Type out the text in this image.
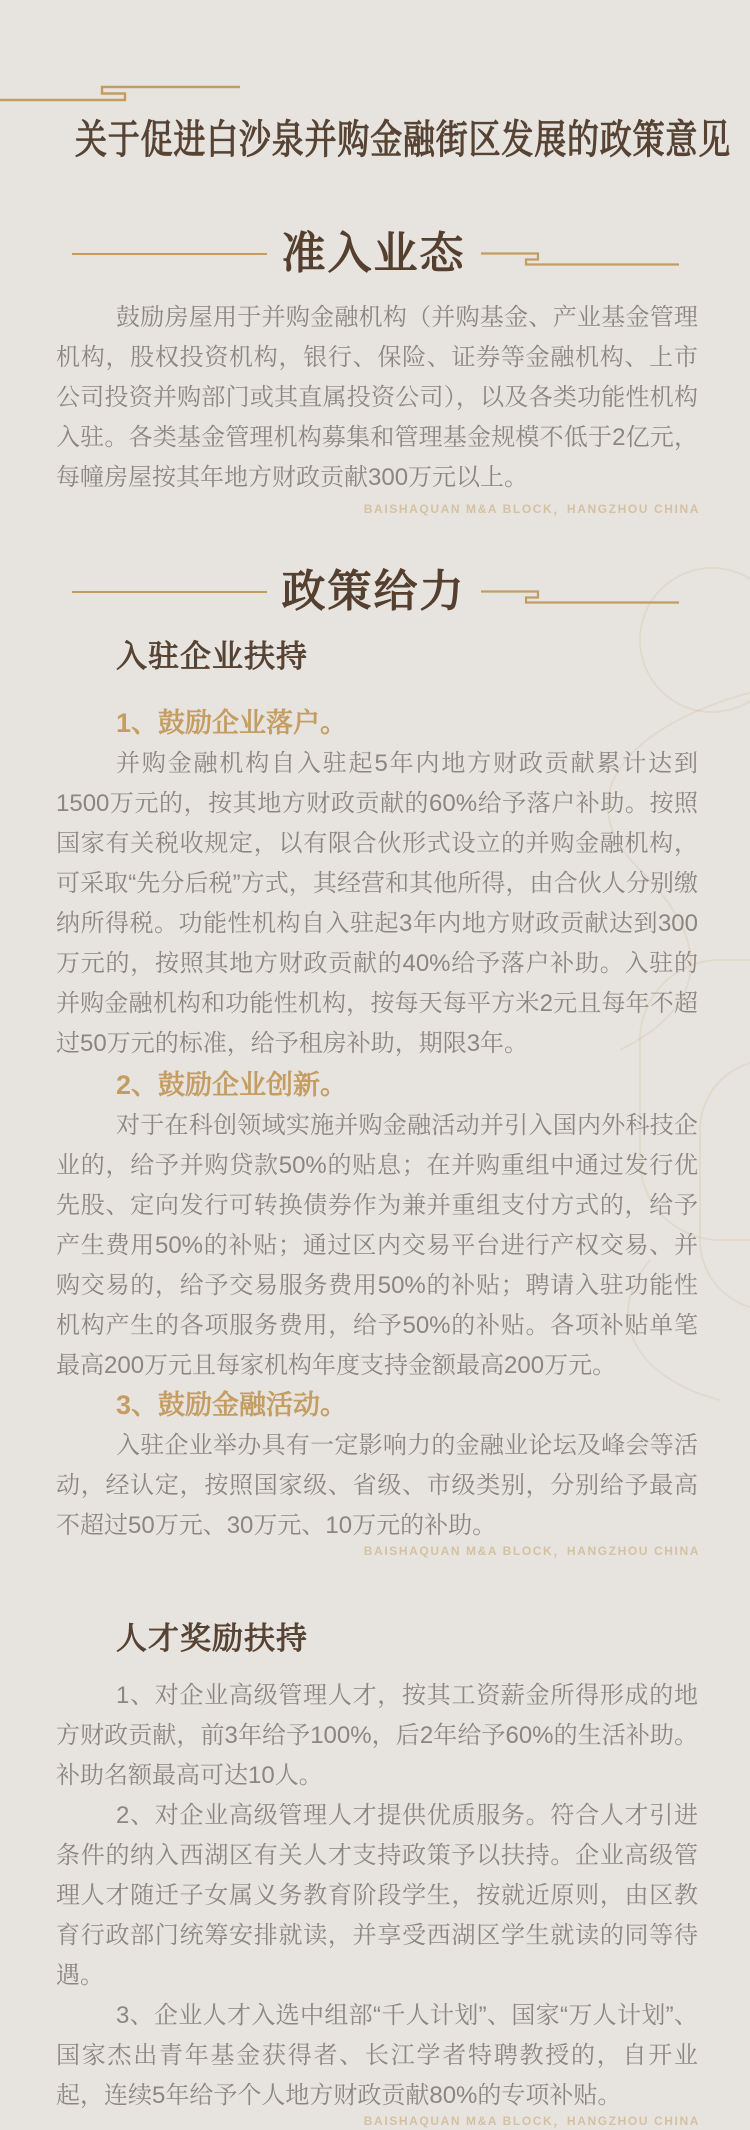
关于促进白沙泉并购金融街区发展的政策意见
准入业态

鼓励房屋用于并购金融机构（并购基金、产业基金管理机构，股权投资机构，银行、保险、证券等金融机构、上市公司投资并购部门或其直属投资公司），以及各类功能性机构入驻。各类基金管理机构募集和管理基金规模不低于2亿元，每幢房屋按其年地方财政贡献300万元以上。

BAISHAQUAN M&A BLOCK，HANGZHOU CHINA
政策给力
入驻企业扶持
1、鼓励企业落户。

并购金融机构自入驻起5年内地方财政贡献累计达到1500万元的，按其地方财政贡献的60%给予落户补助。按照国家有关税收规定，以有限合伙形式设立的并购金融机构，可采取“先分后税”方式，其经营和其他所得，由合伙人分别缴纳所得税。功能性机构自入驻起3年内地方财政贡献达到300万元的，按照其地方财政贡献的40%给予落户补助。入驻的并购金融机构和功能性机构，按每天每平方米2元且每年不超过50万元的标准，给予租房补助，期限3年。

2、鼓励企业创新。

对于在科创领域实施并购金融活动并引入国内外科技企业的，给予并购贷款50%的贴息；在并购重组中通过发行优先股、定向发行可转换债券作为兼并重组支付方式的，给予产生费用50%的补贴；通过区内交易平台进行产权交易、并购交易的，给予交易服务费用50%的补贴；聘请入驻功能性机构产生的各项服务费用，给予50%的补贴。各项补贴单笔最高200万元且每家机构年度支持金额最高200万元。

3、鼓励金融活动。

入驻企业举办具有一定影响力的金融业论坛及峰会等活动，经认定，按照国家级、省级、市级类别，分别给予最高不超过50万元、30万元、10万元的补助。

BAISHAQUAN M&A BLOCK，HANGZHOU CHINA
人才奖励扶持

1、对企业高级管理人才，按其工资薪金所得形成的地方财政贡献，前3年给予100%，后2年给予60%的生活补助。补助名额最高可达10人。

2、对企业高级管理人才提供优质服务。符合人才引进条件的纳入西湖区有关人才支持政策予以扶持。企业高级管理人才随迁子女属义务教育阶段学生，按就近原则，由区教育行政部门统筹安排就读，并享受西湖区学生就读的同等待遇。

3、企业人才入选中组部“千人计划”、国家“万人计划”、国家杰出青年基金获得者、长江学者特聘教授的，自开业起，连续5年给予个人地方财政贡献80%的专项补贴。

BAISHAQUAN M&A BLOCK，HANGZHOU CHINA
